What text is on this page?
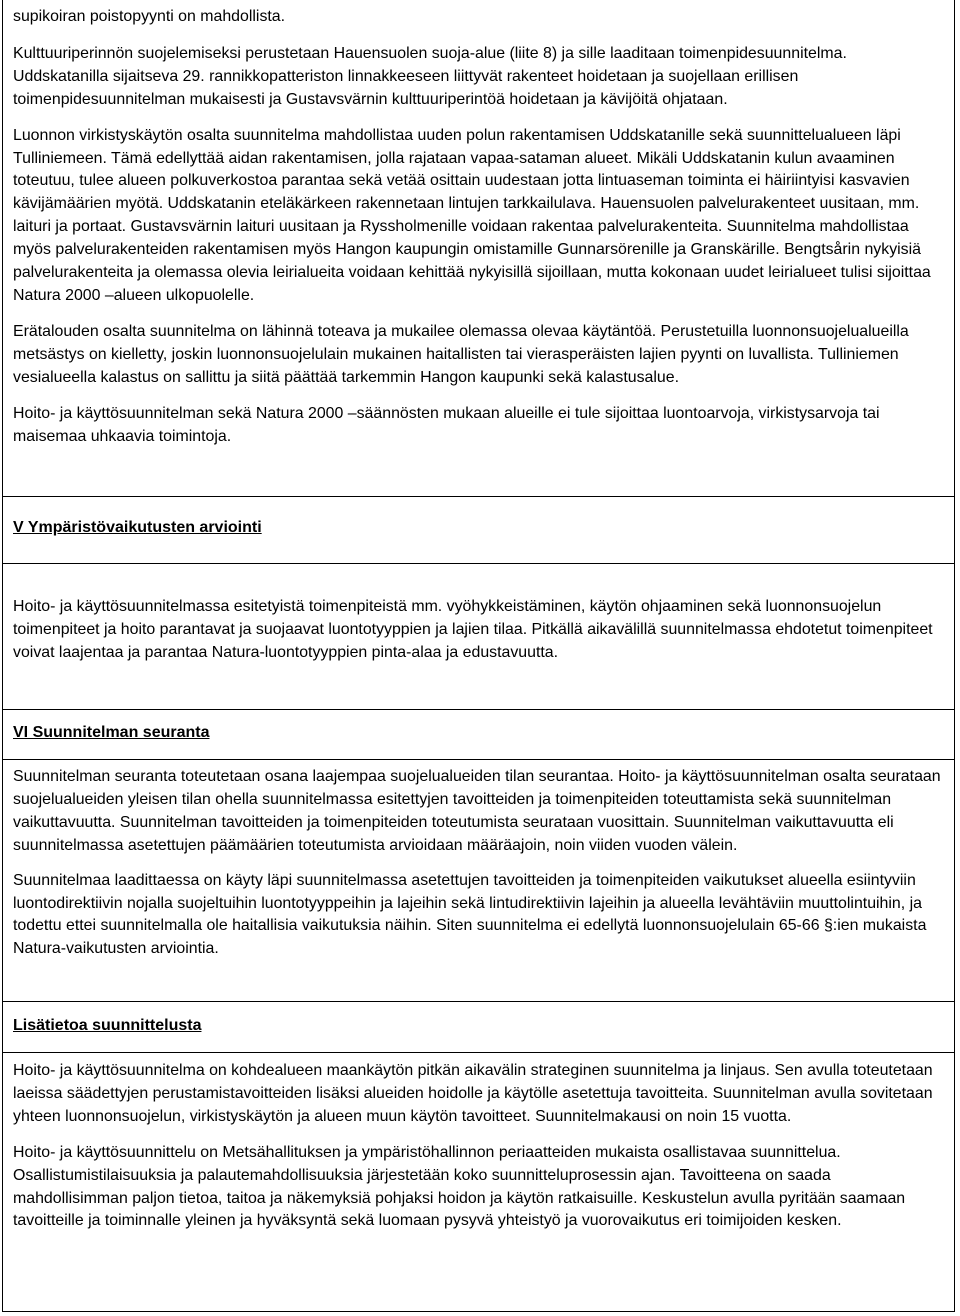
supikoiran poistopyynti on mahdollista.

Kulttuuriperinnön suojelemiseksi perustetaan Hauensuolen suoja-alue (liite 8) ja sille laaditaan toimenpidesuunnitelma. Uddskatanilla sijaitseva 29. rannikkopatteriston linnakkeeseen liittyvät rakenteet hoidetaan ja suojellaan erillisen toimenpidesuunnitelman mukaisesti ja Gustavsvärnin kulttuuriperintöä hoidetaan ja kävijöitä ohjataan.

Luonnon virkistyskäytön osalta suunnitelma mahdollistaa uuden polun rakentamisen Uddskatanille sekä suunnittelualueen läpi Tulliniemeen. Tämä edellyttää aidan rakentamisen, jolla rajataan vapaa-sataman alueet. Mikäli Uddskatanin kulun avaaminen toteutuu, tulee alueen polkuverkostoa parantaa sekä vetää osittain uudestaan jotta lintuaseman toiminta ei häiriintyisi kasvavien kävijämäärien myötä. Uddskatanin eteläkärkeen rakennetaan lintujen tarkkailulava. Hauensuolen palvelurakenteet uusitaan, mm. laituri ja portaat. Gustavsvärnin laituri uusitaan ja Ryssholmenille voidaan rakentaa palvelurakenteita. Suunnitelma mahdollistaa myös palvelurakenteiden rakentamisen myös Hangon kaupungin omistamille Gunnarsörenille ja Granskärille. Bengtsårin nykyisiä palvelurakenteita ja olemassa olevia leirialueita voidaan kehittää nykyisillä sijoillaan, mutta kokonaan uudet leirialueet tulisi sijoittaa Natura 2000 –alueen ulkopuolelle.

Erätalouden osalta suunnitelma on lähinnä toteava ja mukailee olemassa olevaa käytäntöä. Perustetuilla luonnonsuojelualueilla metsästys on kielletty, joskin luonnonsuojelulain mukainen haitallisten tai vierasperäisten lajien pyynti on luvallista. Tulliniemen vesialueella kalastus on sallittu ja siitä päättää tarkemmin Hangon kaupunki sekä kalastusalue.

Hoito- ja käyttösuunnitelman sekä Natura 2000 –säännösten mukaan alueille ei tule sijoittaa luontoarvoja, virkistysarvoja tai maisemaa uhkaavia toimintoja.

V Ympäristövaikutusten arviointi

Hoito- ja käyttösuunnitelmassa esitetyistä toimenpiteistä mm. vyöhykkeistäminen, käytön ohjaaminen sekä luonnonsuojelun toimenpiteet ja hoito parantavat ja suojaavat luontotyyppien ja lajien tilaa. Pitkällä aikavälillä suunnitelmassa ehdotetut toimenpiteet voivat laajentaa ja parantaa Natura-luontotyyppien pinta-alaa ja edustavuutta.

VI Suunnitelman seuranta

Suunnitelman seuranta toteutetaan osana laajempaa suojelualueiden tilan seurantaa. Hoito- ja käyttösuunnitelman osalta seurataan suojelualueiden yleisen tilan ohella suunnitelmassa esitettyjen tavoitteiden ja toimenpiteiden toteuttamista sekä suunnitelman vaikuttavuutta. Suunnitelman tavoitteiden ja toimenpiteiden toteutumista seurataan vuosittain. Suunnitelman vaikuttavuutta eli suunnitelmassa asetettujen päämäärien toteutumista arvioidaan määräajoin, noin viiden vuoden välein.

Suunnitelmaa laadittaessa on käyty läpi suunnitelmassa asetettujen tavoitteiden ja toimenpiteiden vaikutukset alueella esiintyviin luontodirektiivin nojalla suojeltuihin luontotyyppeihin ja lajeihin sekä lintudirektiivin lajeihin ja alueella levähtäviin muuttolintuihin, ja todettu ettei suunnitelmalla ole haitallisia vaikutuksia näihin. Siten suunnitelma ei edellytä luonnonsuojelulain 65-66 §:ien mukaista Natura-vaikutusten arviointia.

Lisätietoa suunnittelusta

Hoito- ja käyttösuunnitelma on kohdealueen maankäytön pitkän aikavälin strateginen suunnitelma ja linjaus. Sen avulla toteutetaan laeissa säädettyjen perustamistavoitteiden lisäksi alueiden hoidolle ja käytölle asetettuja tavoitteita. Suunnitelman avulla sovitetaan yhteen luonnonsuojelun, virkistyskäytön ja alueen muun käytön tavoitteet. Suunnitelmakausi on noin 15 vuotta.

Hoito- ja käyttösuunnittelu on Metsähallituksen ja ympäristöhallinnon periaatteiden mukaista osallistavaa suunnittelua. Osallistumistilaisuuksia ja palautemahdollisuuksia järjestetään koko suunnitteluprosessin ajan. Tavoitteena on saada mahdollisimman paljon tietoa, taitoa ja näkemyksiä pohjaksi hoidon ja käytön ratkaisuille. Keskustelun avulla pyritään saamaan tavoitteille ja toiminnalle yleinen ja hyväksyntä sekä luomaan pysyvä yhteistyö ja vuorovaikutus eri toimijoiden kesken.
